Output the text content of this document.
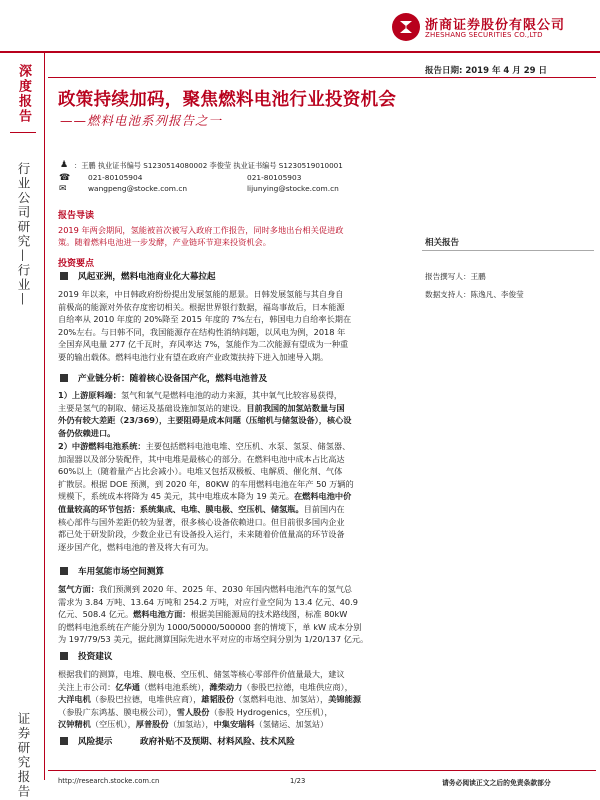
浙商证券股份有限公司
ZHESHANG SECURITIES CO.,LTD
深度报告
行业公司研究—行业—
证券研究报告
报告日期: 2019 年 4 月 29 日
政策持续加码，聚焦燃料电池行业投资机会
——燃料电池系列报告之一
♟
☎
✉
：王鹏 执业证书编号 S1230514080002 李俊莹 执业证书编号 S1230519010001
021-80105904	021-80105903
wangpeng@stocke.com.cn	lijunying@stocke.com.cn
报告导读
2019 年两会期间，氢能被首次被写入政府工作报告，同时多地出台相关促进政
策。随着燃料电池进一步发酵，产业链环节迎来投资机会。
投资要点
风起亚洲，燃料电池商业化大幕拉起
2019 年以来，中日韩政府纷纷提出发展氢能的愿景。日韩发展氢能与其自身自
前极高的能源对外依存度密切相关。根据世界银行数据，福岛事故后，日本能源
自给率从 2010 年度的 20%降至 2015 年度的 7%左右，韩国电力自给率长期在
20%左右。与日韩不同，我国能源存在结构性消纳问题，以风电为例，2018 年
全国弃风电量 277 亿千瓦时，弃风率达 7%，氢能作为二次能源有望成为一种重
要的输出载体。燃料电池行业有望在政府产业政策扶持下进入加速导入期。
产业链分析：随着核心设备国产化，燃料电池普及
1）上游原料端：氢气和氧气是燃料电池的动力来源，其中氧气比较容易获得，
主要是氢气的制取、储运及基础设施加氢站的建设。目前我国的加氢站数量与国
外仍有较大差距（23/369），主要阻碍是成本问题（压缩机与储氢设备），核心设
备仍依赖进口。
2）中游燃料电池系统：主要包括燃料电池电堆、空压机、水泵、氢泵、储氢器、
加湿器以及部分装配件，其中电堆是最核心的部分。在燃料电池中成本占比高达
60%以上（随着量产占比会减小）。电堆又包括双极板、电解质、催化剂、气体
扩散层。根据 DOE 预测，到 2020 年，80KW 的车用燃料电池在年产 50 万辆的
规模下，系统成本将降为 45 美元，其中电堆成本降为 19 美元。在燃料电池中价
值量较高的环节包括：系统集成、电堆、膜电极、空压机、储氢瓶。目前国内在
核心部件与国外差距仍较为显著，很多核心设备依赖进口。但目前很多国内企业
都已处于研发阶段，少数企业已有设备投入运行，未来随着价值量高的环节设备
逐步国产化，燃料电池的普及将大有可为。
车用氢能市场空间测算
氢气方面：我们预测到 2020 年、2025 年、2030 年国内燃料电池汽车的氢气总
需求为 3.84 万吨、13.64 万吨和 254.2 万吨，对应行业空间为 13.4 亿元、40.9
亿元、508.4 亿元。燃料电池方面：根据美国能源局的技术路线图，标准 80kW
的燃料电池系统在产能分别为 1000/50000/500000 套的情境下，单 kW 成本分别
为 197/79/53 美元，据此测算国际先进水平对应的市场空间分别为 1/20/137 亿元。
投资建议
根据我们的测算，电堆、膜电极、空压机、储氢等核心零部件价值量最大，建议
关注上市公司：亿华通（燃料电池系统），潍柴动力（参股巴拉德，电堆供应商），
大洋电机（参股巴拉德，电堆供应商），雄韬股份（氢燃料电池、加氢站），美锦能源
（参股广东鸿基、膜电极公司），雪人股份（参股 Hydrogenics，空压机），
汉钟精机（空压机），厚普股份（加氢站），中集安瑞科（氢储运、加氢站）
风险提示	政府补贴不及预期、材料风险、技术风险
相关报告
报告撰写人：王鹏
数据支持人：陈逸凡、李俊莹
http://research.stocke.com.cn	1/23	请务必阅读正文之后的免责条款部分
